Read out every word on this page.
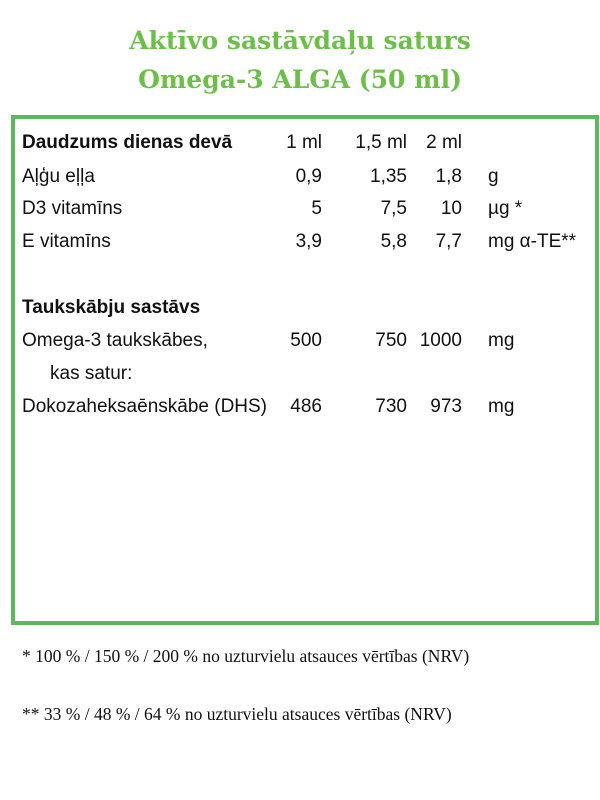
Aktīvo sastāvdaļu saturs
Omega-3 ALGA (50 ml)
Daudzums dienas devā	1 ml 1,5 ml 2 ml
Aļģu eļļa	0,9	1,35 1,8 g
D3 vitamīns	5	7,5 10 µg *
E vitamīns	3,9	5,8 7,7 mg α-TE**
Taukskābju sastāvs
Omega-3 taukskābes,	500	750 1000 mg
kas satur:
Dokozaheksaēnskābe (DHS) 486	730 973 mg
* 100 % / 150 % / 200 % no uzturvielu atsauces vērtības (NRV)
** 33 % / 48 % / 64 % no uzturvielu atsauces vērtības (NRV)
